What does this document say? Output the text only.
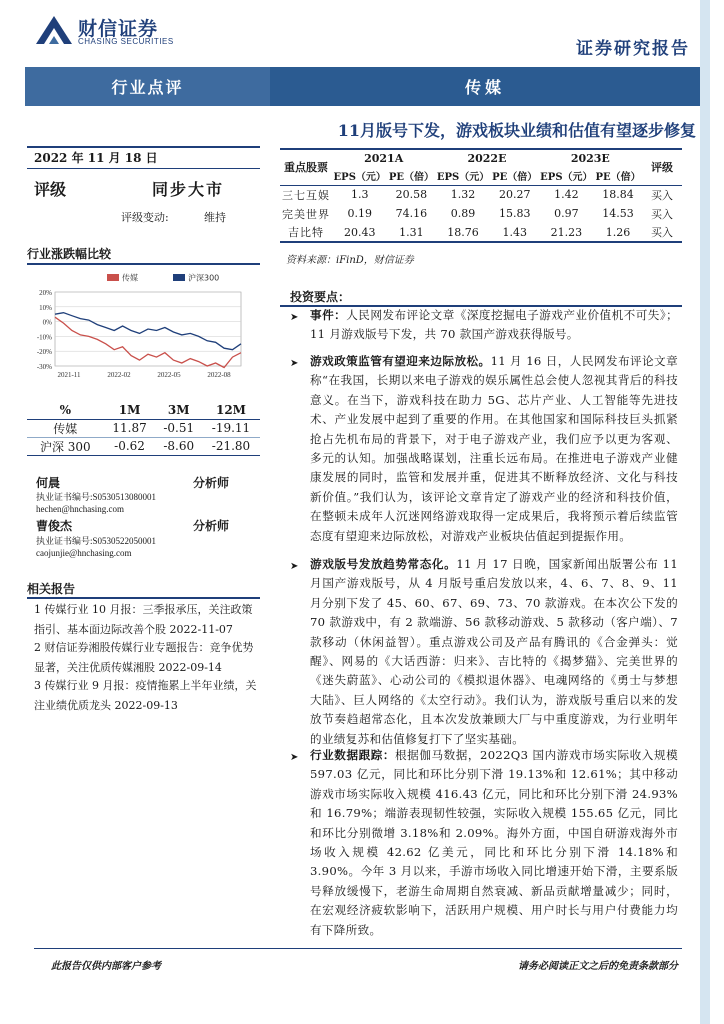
财信证券
CHASING SECURITIES	证券研究报告
行业点评	传媒
11月版号下发，游戏板块业绩和估值有望逐步修复
2022 年 11 月 18 日
评级	同步大市
评级变动:	维持
行业涨跌幅比较
20%
10%
0%
-10%
-20%
-30%
2021-11	2022-02	2022-05	2022-08
传媒	沪深300
%	1M	3M	12M
传媒	11.87	-0.51	-19.11
沪深 300	-0.62	-8.60	-21.80
何晨	分析师
执业证书编号:S0530513080001
hechen@hnchasing.com
曹俊杰	分析师
执业证书编号:S0530522050001
caojunjie@hnchasing.com
相关报告
1 传媒行业 10 月报：三季报承压，关注政策指引、基本面边际改善个股 2022-11-07
2 财信证券湘股传媒行业专题报告：竞争优势显著，关注优质传媒湘股 2022-09-14
3 传媒行业 9 月报：疫情拖累上半年业绩，关注业绩优质龙头 2022-09-13
重点股票	2021A		2022E		2023E		评级
	EPS（元）	PE（倍）	EPS（元）	PE（倍）	EPS（元）	PE（倍）	
三七互娱	1.3	20.58	1.32	20.27	1.42	18.84	买入
完美世界	0.19	74.16	0.89	15.83	0.97	14.53	买入
吉比特	20.43	1.31	18.76	1.43	21.23	1.26	买入
资料来源：iFinD，财信证券
投资要点：
➤	事件：人民网发布评论文章《深度挖掘电子游戏产业价值机不可失》；11 月游戏版号下发，共 70 款国产游戏获得版号。
➤	游戏政策监管有望迎来边际放松。11 月 16 日，人民网发布评论文章称“在我国，长期以来电子游戏的娱乐属性总会使人忽视其背后的科技意义。在当下，游戏科技在助力 5G、芯片产业、人工智能等先进技术、产业发展中起到了重要的作用。在其他国家和国际科技巨头抓紧抢占先机布局的背景下，对于电子游戏产业，我们应予以更为客观、多元的认知。加强战略谋划，注重长远布局。在推进电子游戏产业健康发展的同时，监管和发展并重，促进其不断释放经济、文化与科技新价值。”我们认为，该评论文章肯定了游戏产业的经济和科技价值，在整顿未成年人沉迷网络游戏取得一定成果后，我将预示着后续监管态度有望迎来边际放松，对游戏产业板块估值起到提振作用。
➤	游戏版号发放趋势常态化。11 月 17 日晚，国家新闻出版署公布 11 月国产游戏版号，从 4 月版号重启发放以来，4、6、7、8、9、11 月分别下发了 45、60、67、69、73、70 款游戏。在本次公下发的 70 款游戏中，有 2 款端游、56 款移动游戏、5 款移动（客户端）、7 款移动（休闲益智）。重点游戏公司及产品有腾讯的《合金弹头：觉醒》、网易的《大话西游：归来》、吉比特的《揭梦猫》、完美世界的《迷失蔚蓝》、心动公司的《模拟退休器》、电魂网络的《勇士与梦想大陆》、巨人网络的《太空行动》。我们认为，游戏版号重启以来的发放节奏趋超常态化，且本次发放兼顾大厂与中重度游戏，为行业明年的业绩复苏和估值修复打下了坚实基础。
➤	行业数据跟踪：根据伽马数据，2022Q3 国内游戏市场实际收入规模 597.03 亿元，同比和环比分别下滑 19.13%和 12.61%；其中移动游戏市场实际收入规模 416.43 亿元，同比和环比分别下滑 24.93%和 16.79%；端游表现韧性较强，实际收入规模 155.65 亿元，同比和环比分别微增 3.18%和 2.09%。海外方面，中国自研游戏海外市场收入规模 42.62 亿美元，同比和环比分别下滑 14.18%和 3.90%。今年 3 月以来，手游市场收入同比增速开始下滑，主要系版号释放缓慢下，老游生命周期自然衰减、新品贡献增量减少；同时，在宏观经济疲软影响下，活跃用户规模、用户时长与用户付费能力均有下降所致。
此报告仅供内部客户参考	请务必阅读正文之后的免责条款部分
